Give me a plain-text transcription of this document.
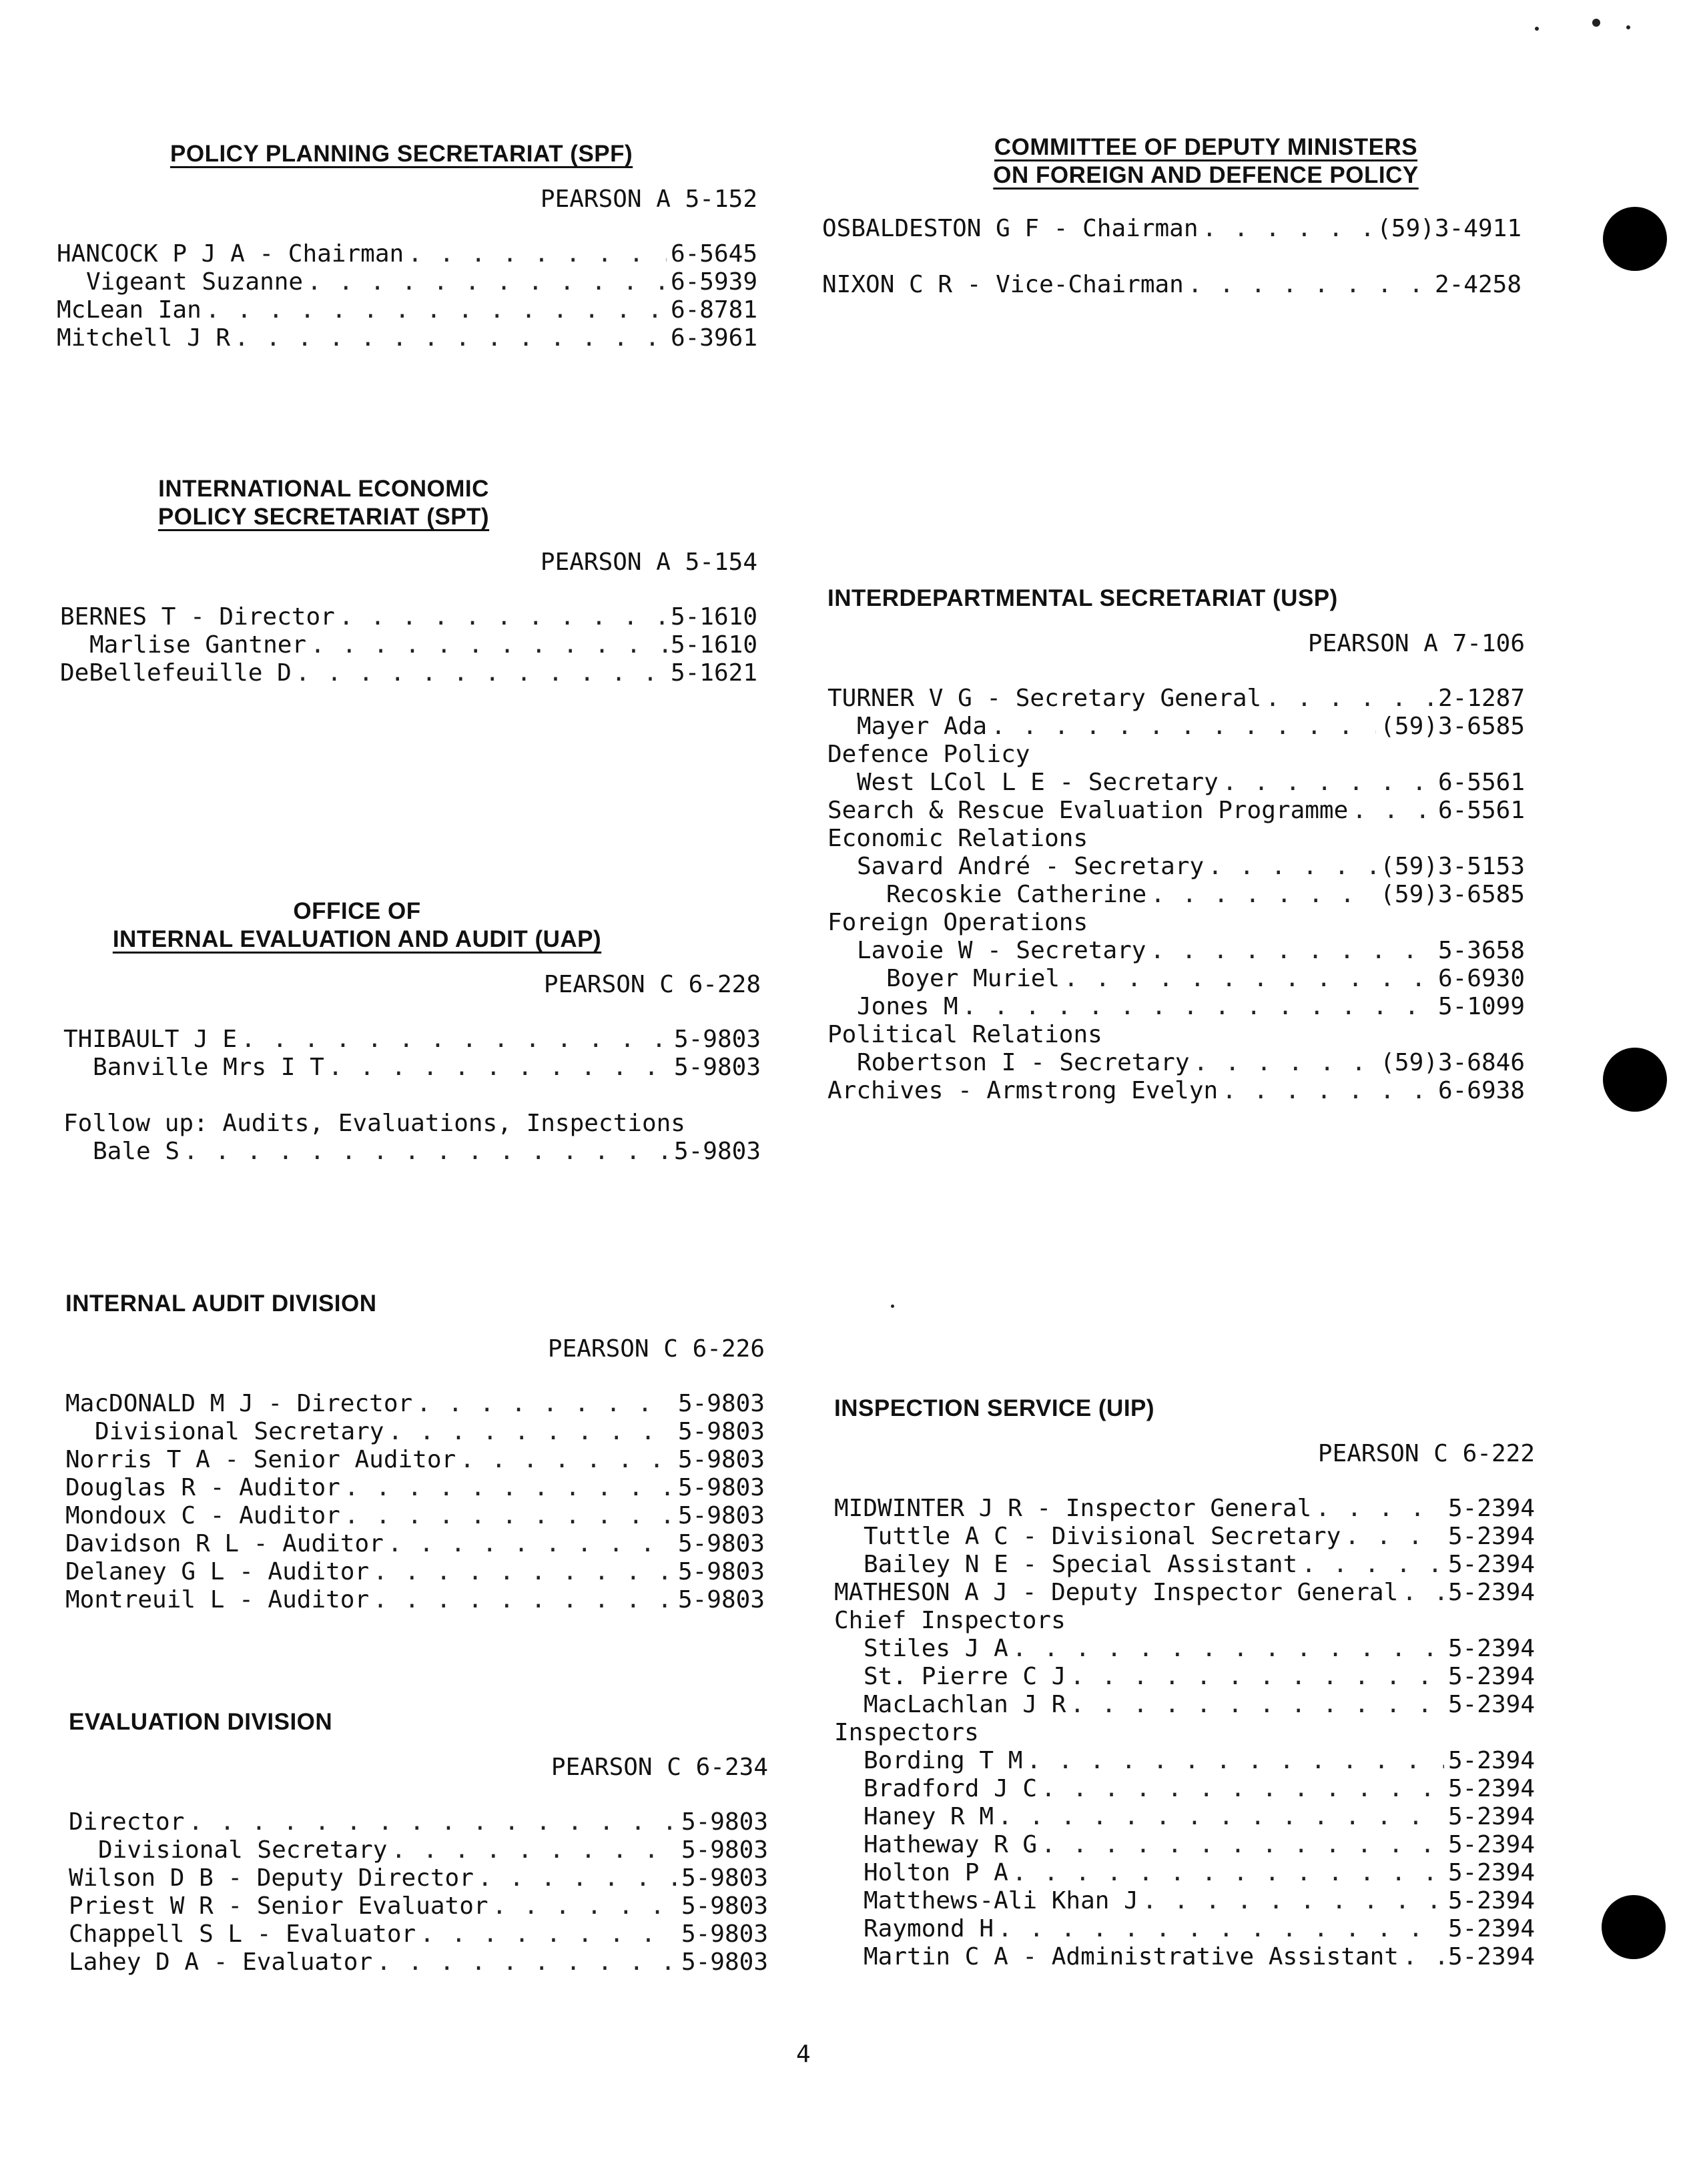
POLICY PLANNING SECRETARIAT (SPF)
PEARSON A 5-152
HANCOCK P J A - Chairman . . .	6-5645
Vigeant Suzanne . . .	6-5939
McLean Ian . . .	6-8781
Mitchell J R . . .	6-3961
INTERNATIONAL ECONOMIC
POLICY SECRETARIAT (SPT)
PEARSON A 5-154
BERNES T - Director . . .	5-1610
Marlise Gantner . . .	5-1610
DeBellefeuille D . . .	5-1621
OFFICE OF
INTERNAL EVALUATION AND AUDIT (UAP)
PEARSON C 6-228
THIBAULT J E . . .	5-9803
Banville Mrs I T . . .	5-9803
Follow up: Audits, Evaluations, Inspections
Bale S . . .	5-9803
INTERNAL AUDIT DIVISION
PEARSON C 6-226
MacDONALD M J - Director . . .	5-9803
Divisional Secretary . . .	5-9803
Norris T A - Senior Auditor . . .	5-9803
Douglas R - Auditor . . .	5-9803
Mondoux C - Auditor . . .	5-9803
Davidson R L - Auditor . . .	5-9803
Delaney G L - Auditor . . .	5-9803
Montreuil L - Auditor . . .	5-9803
EVALUATION DIVISION
PEARSON C 6-234
Director . . .	5-9803
Divisional Secretary . . .	5-9803
Wilson D B - Deputy Director . . .	5-9803
Priest W R - Senior Evaluator . . .	5-9803
Chappell S L - Evaluator . . .	5-9803
Lahey D A - Evaluator . . .	5-9803
COMMITTEE OF DEPUTY MINISTERS
ON FOREIGN AND DEFENCE POLICY
OSBALDESTON G F - Chairman . . .	(59)3-4911
NIXON C R - Vice-Chairman . . .	2-4258
INTERDEPARTMENTAL SECRETARIAT (USP)
PEARSON A 7-106
TURNER V G - Secretary General . . .	2-1287
Mayer Ada . . .	(59)3-6585
Defence Policy
West LCol L E - Secretary . . .	6-5561
Search & Rescue Evaluation Programme . . .	6-5561
Economic Relations
Savard André - Secretary . . .	(59)3-5153
Recoskie Catherine . . .	(59)3-6585
Foreign Operations
Lavoie W - Secretary . . .	5-3658
Boyer Muriel . . .	6-6930
Jones M . . .	5-1099
Political Relations
Robertson I - Secretary . . .	(59)3-6846
Archives - Armstrong Evelyn . . .	6-6938
INSPECTION SERVICE (UIP)
PEARSON C 6-222
MIDWINTER J R - Inspector General . . .	5-2394
Tuttle A C - Divisional Secretary . . .	5-2394
Bailey N E - Special Assistant . . .	5-2394
MATHESON A J - Deputy Inspector General . . . 5-2394
Chief Inspectors
Stiles J A . . .	5-2394
St. Pierre C J . . .	5-2394
MacLachlan J R . . .	5-2394
Inspectors
Bording T M . . .	5-2394
Bradford J C . . .	5-2394
Haney R M . . .	5-2394
Hatheway R G . . .	5-2394
Holton P A . . .	5-2394
Matthews-Ali Khan J . . .	5-2394
Raymond H . . .	5-2394
Martin C A - Administrative Assistant . . . 5-2394
4
